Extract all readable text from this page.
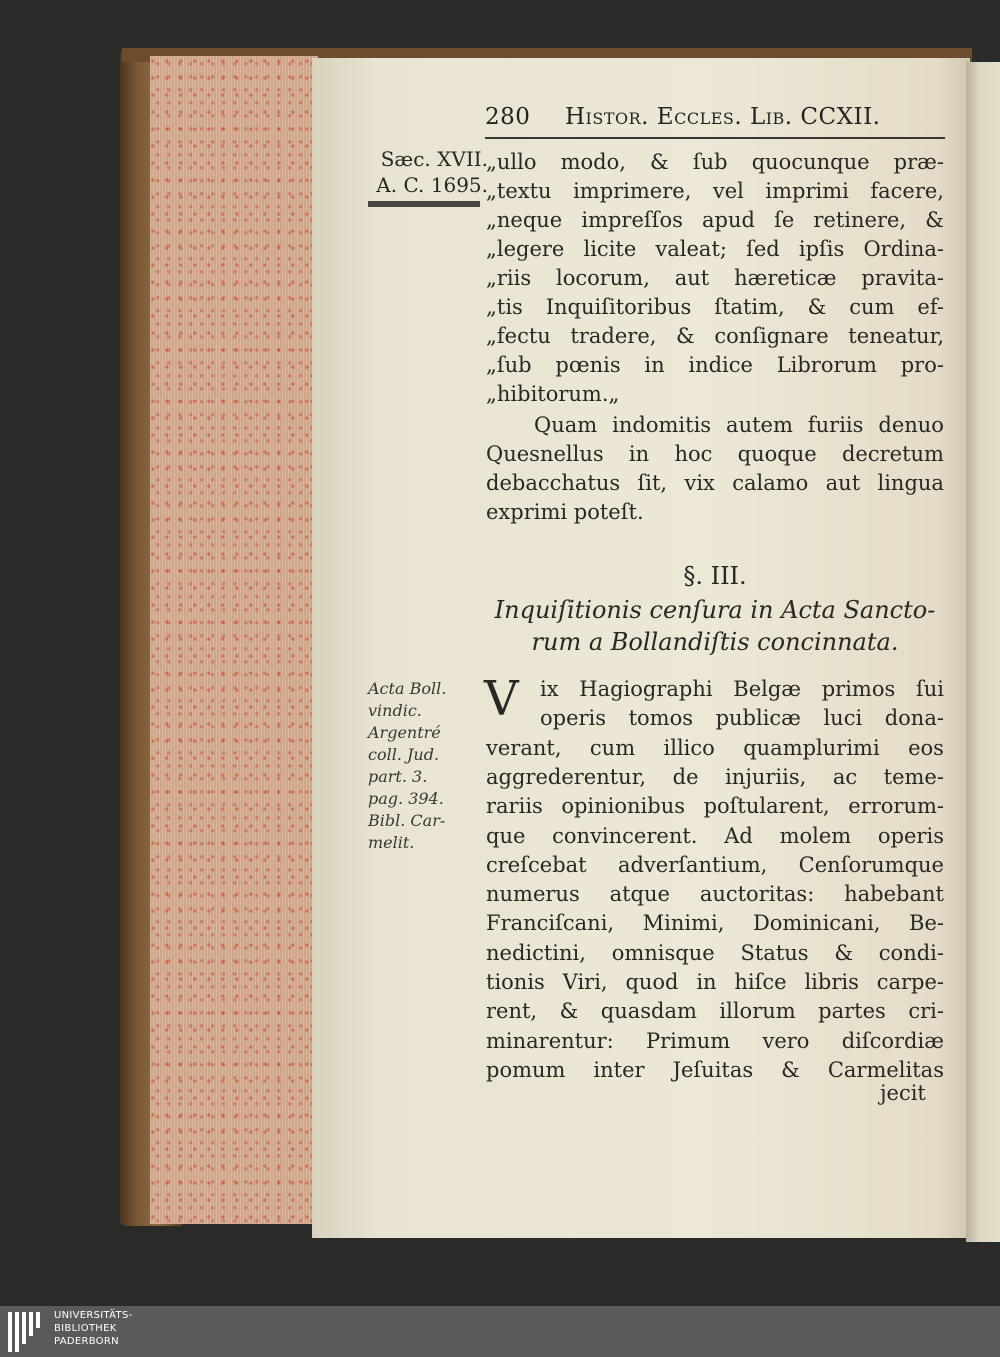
280 Histor. Eccles. Lib. CCXII.
Sæc. XVII.
A. C. 1695.
„ullo modo, & ſub quocunque præ-
„textu imprimere, vel imprimi facere,
„neque impreſſos apud ſe retinere, &
„legere licite valeat; ſed ipſis Ordina-
„riis locorum, aut hæreticæ pravita-
„tis Inquiſitoribus ſtatim, & cum ef-
„fectu tradere, & conſignare teneatur,
„ſub pœnis in indice Librorum pro-
„hibitorum.„
Quam indomitis autem furiis denuo
Quesnellus in hoc quoque decretum
debacchatus ſit, vix calamo aut lingua
exprimi poteſt.
§. III.
Inquiſitionis cenſura in Acta Sancto-
rum a Bollandiſtis concinnata.
Acta Boll.
vindic.
Argentré
coll. Jud.
part. 3.
pag. 394.
Bibl. Car-
melit.
V ix Hagiographi Belgæ primos ſui
operis tomos publicæ luci dona-
verant, cum illico quamplurimi eos
aggrederentur, de injuriis, ac teme-
rariis opinionibus poſtularent, errorum-
que convincerent. Ad molem operis
creſcebat adverſantium, Cenſorumque
numerus atque auctoritas: habebant
Franciſcani, Minimi, Dominicani, Be-
nedictini, omnisque Status & condi-
tionis Viri, quod in hiſce libris carpe-
rent, & quasdam illorum partes cri-
minarentur: Primum vero diſcordiæ
pomum inter Jeſuitas & Carmelitas
jecit
UNIVERSITÄTS-
BIBLIOTHEK
PADERBORN
